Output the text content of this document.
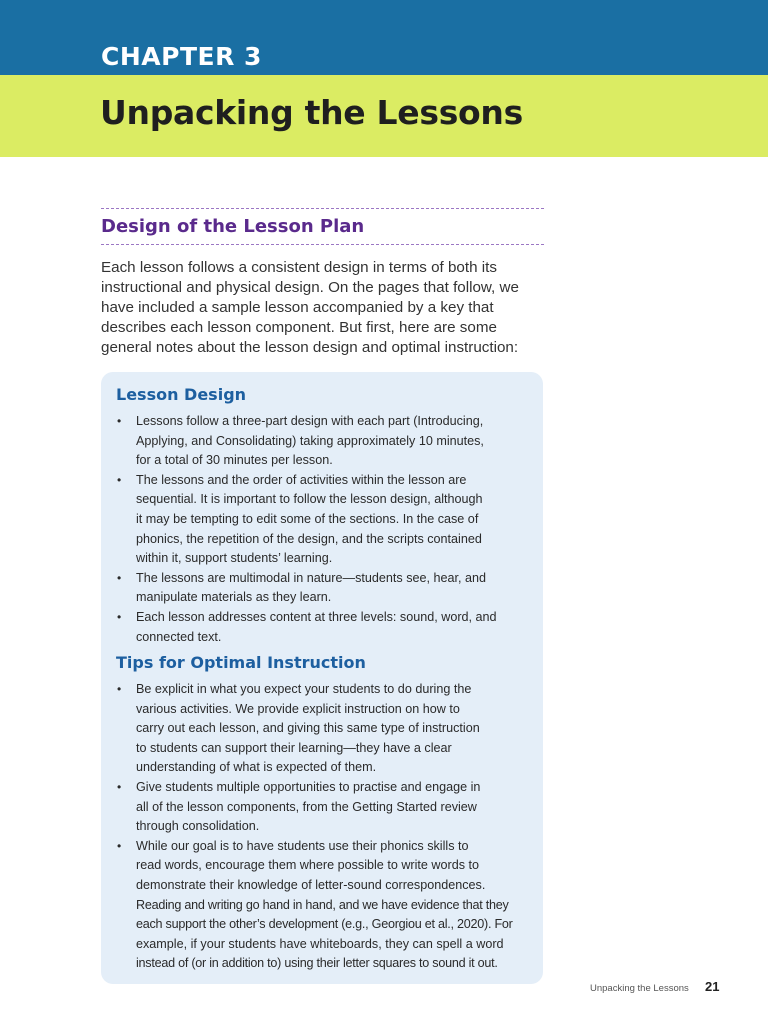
CHAPTER 3
Unpacking the Lessons
Design of the Lesson Plan
Each lesson follows a consistent design in terms of both its
instructional and physical design. On the pages that follow, we
have included a sample lesson accompanied by a key that
describes each lesson component. But first, here are some
general notes about the lesson design and optimal instruction:
Lesson Design
• Lessons follow a three-part design with each part (Introducing,
Applying, and Consolidating) taking approximately 10 minutes,
for a total of 30 minutes per lesson.
• The lessons and the order of activities within the lesson are
sequential. It is important to follow the lesson design, although
it may be tempting to edit some of the sections. In the case of
phonics, the repetition of the design, and the scripts contained
within it, support students’ learning.
• The lessons are multimodal in nature—students see, hear, and
manipulate materials as they learn.
• Each lesson addresses content at three levels: sound, word, and
connected text.
Tips for Optimal Instruction
• Be explicit in what you expect your students to do during the
various activities. We provide explicit instruction on how to
carry out each lesson, and giving this same type of instruction
to students can support their learning—they have a clear
understanding of what is expected of them.
• Give students multiple opportunities to practise and engage in
all of the lesson components, from the Getting Started review
through consolidation.
• While our goal is to have students use their phonics skills to
read words, encourage them where possible to write words to
demonstrate their knowledge of letter-sound correspondences.
Reading and writing go hand in hand, and we have evidence that they
each support the other’s development (e.g., Georgiou et al., 2020). For
example, if your students have whiteboards, they can spell a word
instead of (or in addition to) using their letter squares to sound it out.
Unpacking the Lessons 21
